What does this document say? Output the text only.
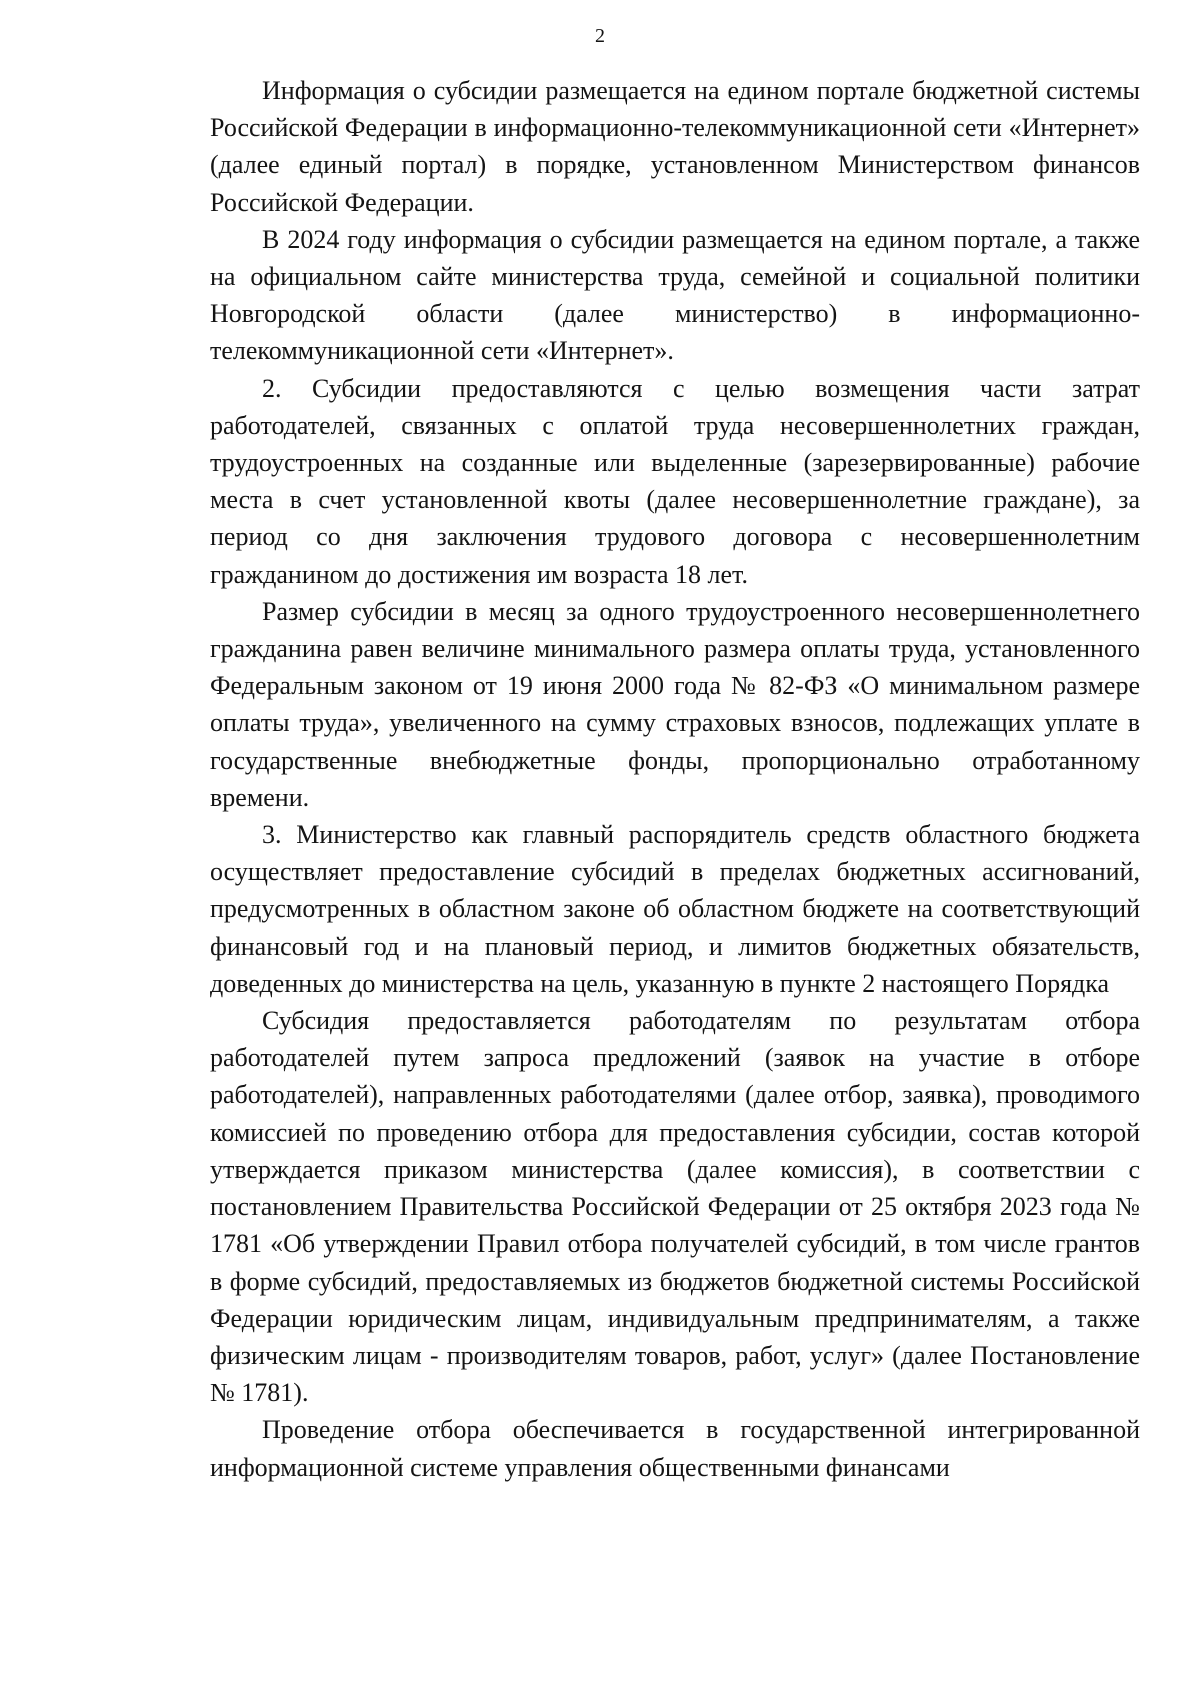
2

Информация о субсидии размещается на едином портале бюджетной системы Российской Федерации в информационно-телекоммуникационной сети «Интернет» (далее единый портал) в порядке, установленном Министерством финансов Российской Федерации.

В 2024 году информация о субсидии размещается на едином портале, а также на официальном сайте министерства труда, семейной и социальной политики Новгородской области (далее министерство) в информационно-телекоммуникационной сети «Интернет».

2. Субсидии предоставляются с целью возмещения части затрат работодателей, связанных с оплатой труда несовершеннолетних граждан, трудоустроенных на созданные или выделенные (зарезервированные) рабочие места в счет установленной квоты (далее несовершеннолетние граждане), за период со дня заключения трудового договора с несовершеннолетним гражданином до достижения им возраста 18 лет.

Размер субсидии в месяц за одного трудоустроенного несовершеннолетнего гражданина равен величине минимального размера оплаты труда, установленного Федеральным законом от 19 июня 2000 года № 82-ФЗ «О минимальном размере оплаты труда», увеличенного на сумму страховых взносов, подлежащих уплате в государственные внебюджетные фонды, пропорционально отработанному времени.

3. Министерство как главный распорядитель средств областного бюджета осуществляет предоставление субсидий в пределах бюджетных ассигнований, предусмотренных в областном законе об областном бюджете на соответствующий финансовый год и на плановый период, и лимитов бюджетных обязательств, доведенных до министерства на цель, указанную в пункте 2 настоящего Порядка

Субсидия предоставляется работодателям по результатам отбора работодателей путем запроса предложений (заявок на участие в отборе работодателей), направленных работодателями (далее отбор, заявка), проводимого комиссией по проведению отбора для предоставления субсидии, состав которой утверждается приказом министерства (далее комиссия), в соответствии с постановлением Правительства Российской Федерации от 25 октября 2023 года № 1781 «Об утверждении Правил отбора получателей субсидий, в том числе грантов в форме субсидий, предоставляемых из бюджетов бюджетной системы Российской Федерации юридическим лицам, индивидуальным предпринимателям, а также физическим лицам - производителям товаров, работ, услуг» (далее Постановление № 1781).

Проведение отбора обеспечивается в государственной интегрированной информационной системе управления общественными финансами
